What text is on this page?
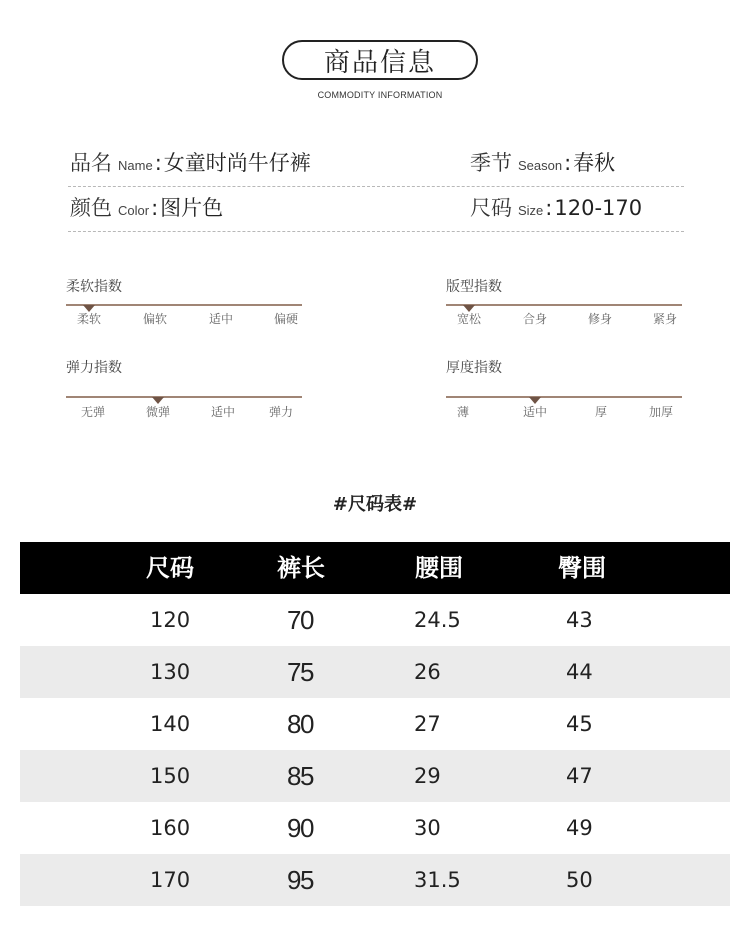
商品信息
COMMODITY INFORMATION
品名 Name : 女童时尚牛仔裤	季节 Season : 春秋
颜色 Color : 图片色	尺码 Size : 120-170
柔软指数
柔软	偏软	适中	偏硬
版型指数
宽松	合身	修身	紧身
弹力指数
无弹	微弹	适中	弹力
厚度指数
薄	适中	厚	加厚
#尺码表#
尺码	裤长	腰围	臀围
120	70	24.5	43
130	75	26	44
140	80	27	45
150	85	29	47
160	90	30	49
170	95	31.5	50
